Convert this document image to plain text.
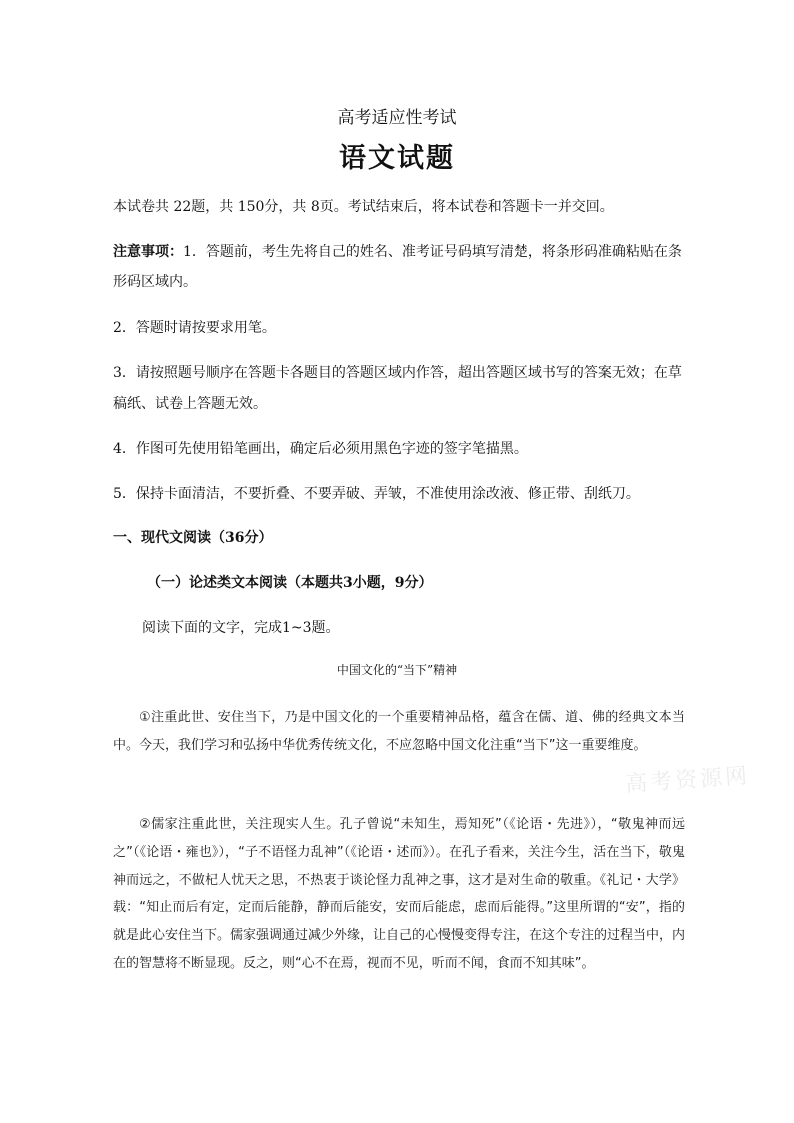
高考适应性考试
语文试题
本试卷共 22题，共 150分，共 8页。考试结束后，将本试卷和答题卡一并交回。
注意事项：1．答题前，考生先将自己的姓名、准考证号码填写清楚，将条形码准确粘贴在条
形码区域内。
2．答题时请按要求用笔。
3．请按照题号顺序在答题卡各题目的答题区域内作答，超出答题区域书写的答案无效；在草
稿纸、试卷上答题无效。
4．作图可先使用铅笔画出，确定后必须用黑色字迹的签字笔描黑。
5．保持卡面清洁，不要折叠、不要弄破、弄皱，不准使用涂改液、修正带、刮纸刀。
一、现代文阅读（36分）
（一）论述类文本阅读（本题共3小题，9分）
阅读下面的文字，完成1~3题。
中国文化的“当下”精神
①注重此世、安住当下，乃是中国文化的一个重要精神品格，蕴含在儒、道、佛的经典文本当中。今天，我们学习和弘扬中华优秀传统文化，不应忽略中国文化注重“当下”这一重要维度。
②儒家注重此世，关注现实人生。孔子曾说“未知生，焉知死”（《论语・先进》），“敬鬼神而远之”（《论语・雍也》），“子不语怪力乱神”（《论语・述而》）。在孔子看来，关注今生，活在当下，敬鬼神而远之，不做杞人忧天之思，不热衷于谈论怪力乱神之事，这才是对生命的敬重。《礼记・大学》载：“知止而后有定，定而后能静，静而后能安，安而后能虑，虑而后能得。”这里所谓的“安”，指的就是此心安住当下。儒家强调通过减少外缘，让自己的心慢慢变得专注，在这个专注的过程当中，内在的智慧将不断显现。反之，则“心不在焉，视而不见，听而不闻，食而不知其味”。
高考资源网
